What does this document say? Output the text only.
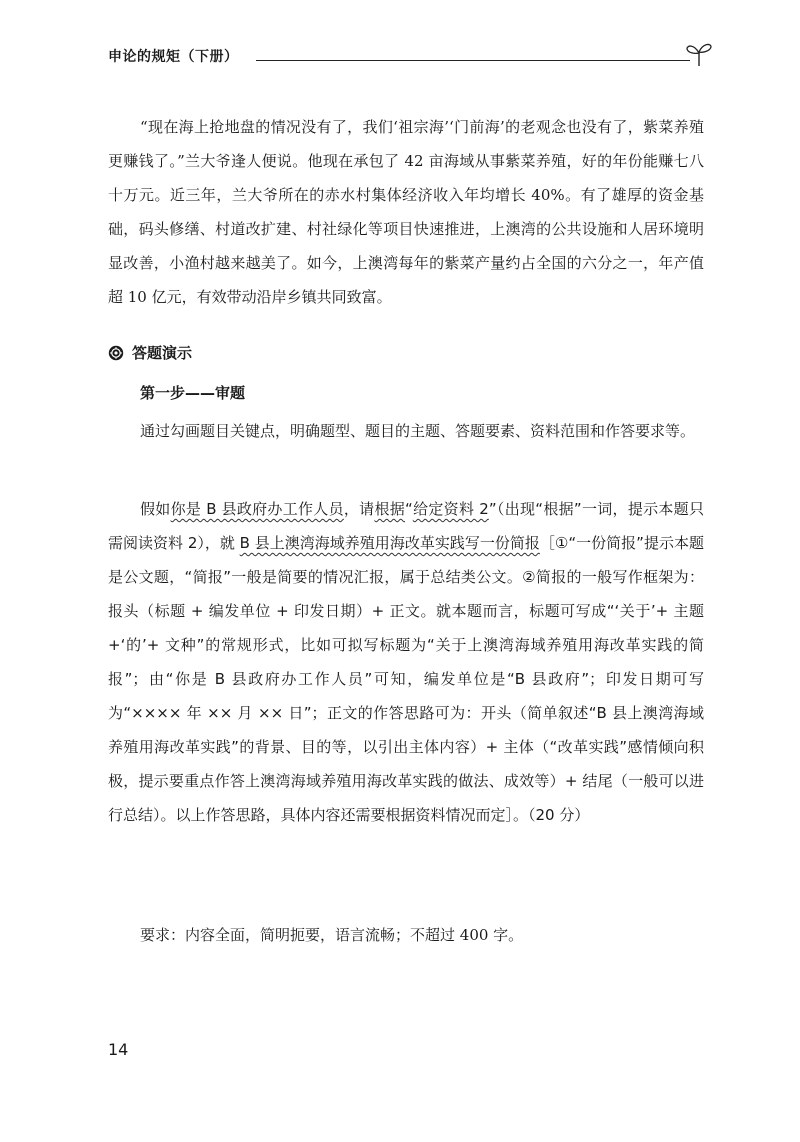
申论的规矩（下册）

“现在海上抢地盘的情况没有了，我们‘祖宗海’‘门前海’的老观念也没有了，紫菜养殖更赚钱了。”兰大爷逢人便说。他现在承包了 42 亩海域从事紫菜养殖，好的年份能赚七八十万元。近三年，兰大爷所在的赤水村集体经济收入年均增长 40%。有了雄厚的资金基础，码头修缮、村道改扩建、村社绿化等项目快速推进，上澳湾的公共设施和人居环境明显改善，小渔村越来越美了。如今，上澳湾每年的紫菜产量约占全国的六分之一，年产值超 10 亿元，有效带动沿岸乡镇共同致富。

答题演示
第一步——审题

通过勾画题目关键点，明确题型、题目的主题、答题要素、资料范围和作答要求等。

假如你是 B 县政府办工作人员，请根据“给定资料 2”（出现“根据”一词，提示本题只需阅读资料 2），就 B 县上澳湾海域养殖用海改革实践写一份简报［①“一份简报”提示本题是公文题，“简报”一般是简要的情况汇报，属于总结类公文。②简报的一般写作框架为：报头（标题 + 编发单位 + 印发日期）+ 正文。就本题而言，标题可写成“‘关于’+ 主题 +‘的’+ 文种”的常规形式，比如可拟写标题为“关于上澳湾海域养殖用海改革实践的简报”；由“你是 B 县政府办工作人员”可知，编发单位是“B 县政府”；印发日期可写为“×××× 年 ×× 月 ×× 日”；正文的作答思路可为：开头（简单叙述“B 县上澳湾海域养殖用海改革实践”的背景、目的等，以引出主体内容）+ 主体（“改革实践”感情倾向积极，提示要重点作答上澳湾海域养殖用海改革实践的做法、成效等）+ 结尾（一般可以进行总结）。以上作答思路，具体内容还需要根据资料情况而定］。（20 分）

要求：内容全面，简明扼要，语言流畅；不超过 400 字。

14
